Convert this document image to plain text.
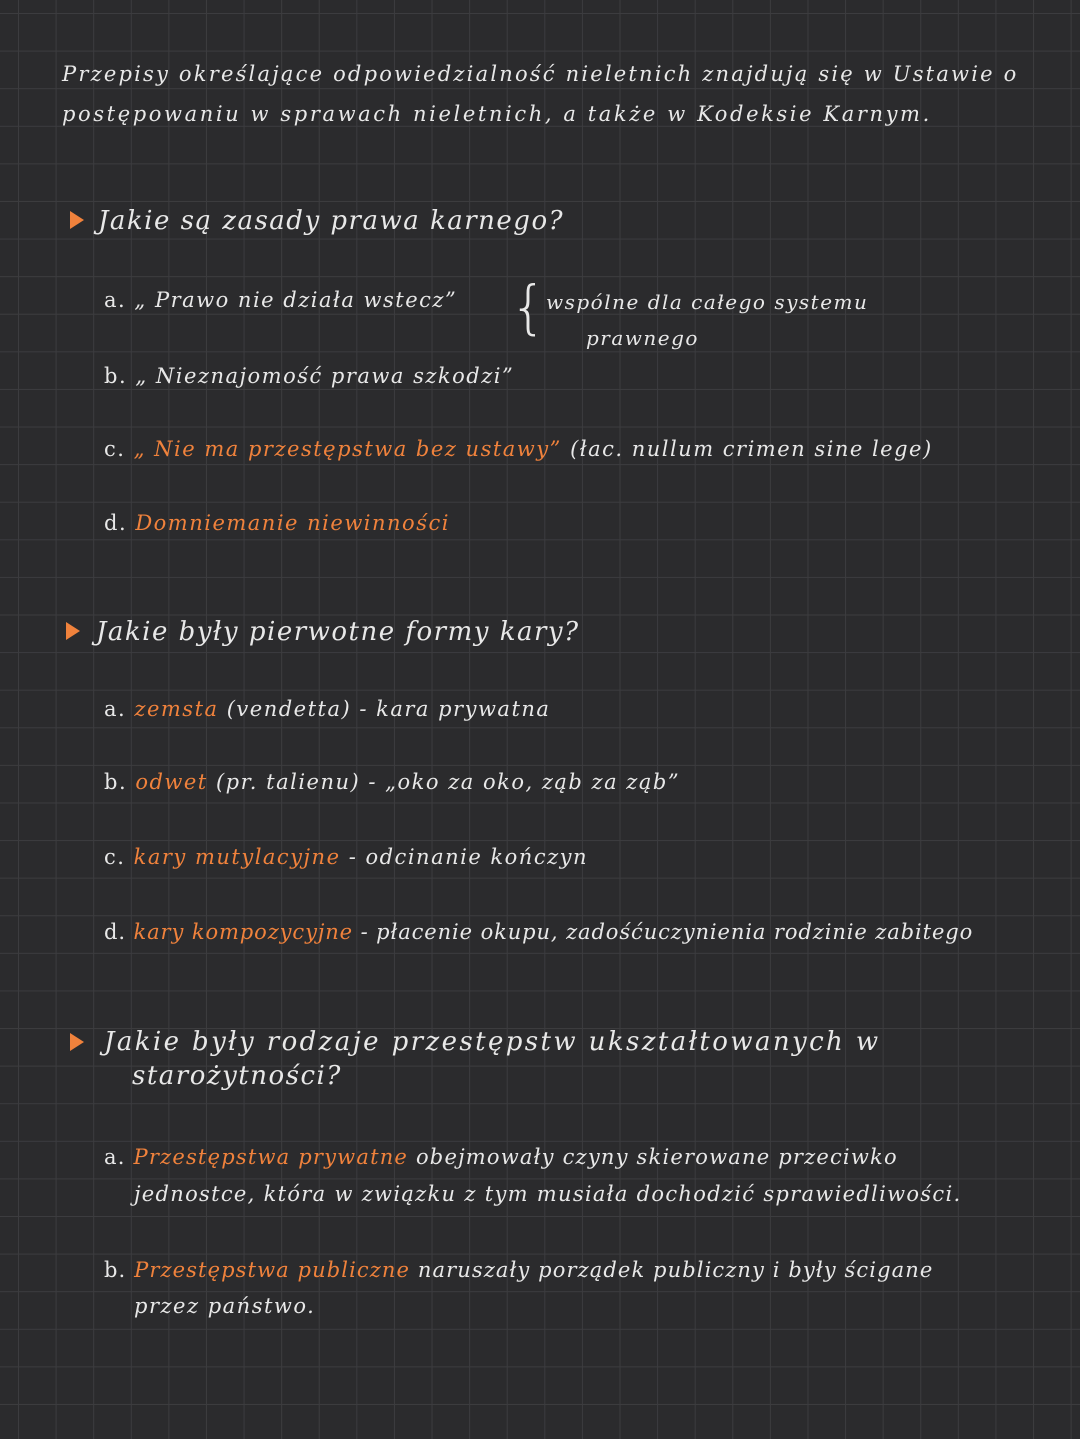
Przepisy określające odpowiedzialność nieletnich znajdują się w Ustawie o
postępowaniu w sprawach nieletnich, a także w Kodeksie Karnym.
Jakie są zasady prawa karnego?
a. „ Prawo nie działa wstecz” { wspólne dla całego systemu
prawnego
b. „ Nieznajomość prawa szkodzi”
c. „ Nie ma przestępstwa bez ustawy” (łac. nullum crimen sine lege)
d. Domniemanie niewinności
Jakie były pierwotne formy kary?
a. zemsta (vendetta) - kara prywatna
b. odwet (pr. talienu) - „oko za oko, ząb za ząb”
c. kary mutylacyjne - odcinanie kończyn
d. kary kompozycyjne - płacenie okupu, zadośćuczynienia rodzinie zabitego
Jakie były rodzaje przestępstw ukształtowanych w
starożytności?
a. Przestępstwa prywatne obejmowały czyny skierowane przeciwko
jednostce, która w związku z tym musiała dochodzić sprawiedliwości.
b. Przestępstwa publiczne naruszały porządek publiczny i były ścigane
przez państwo.
